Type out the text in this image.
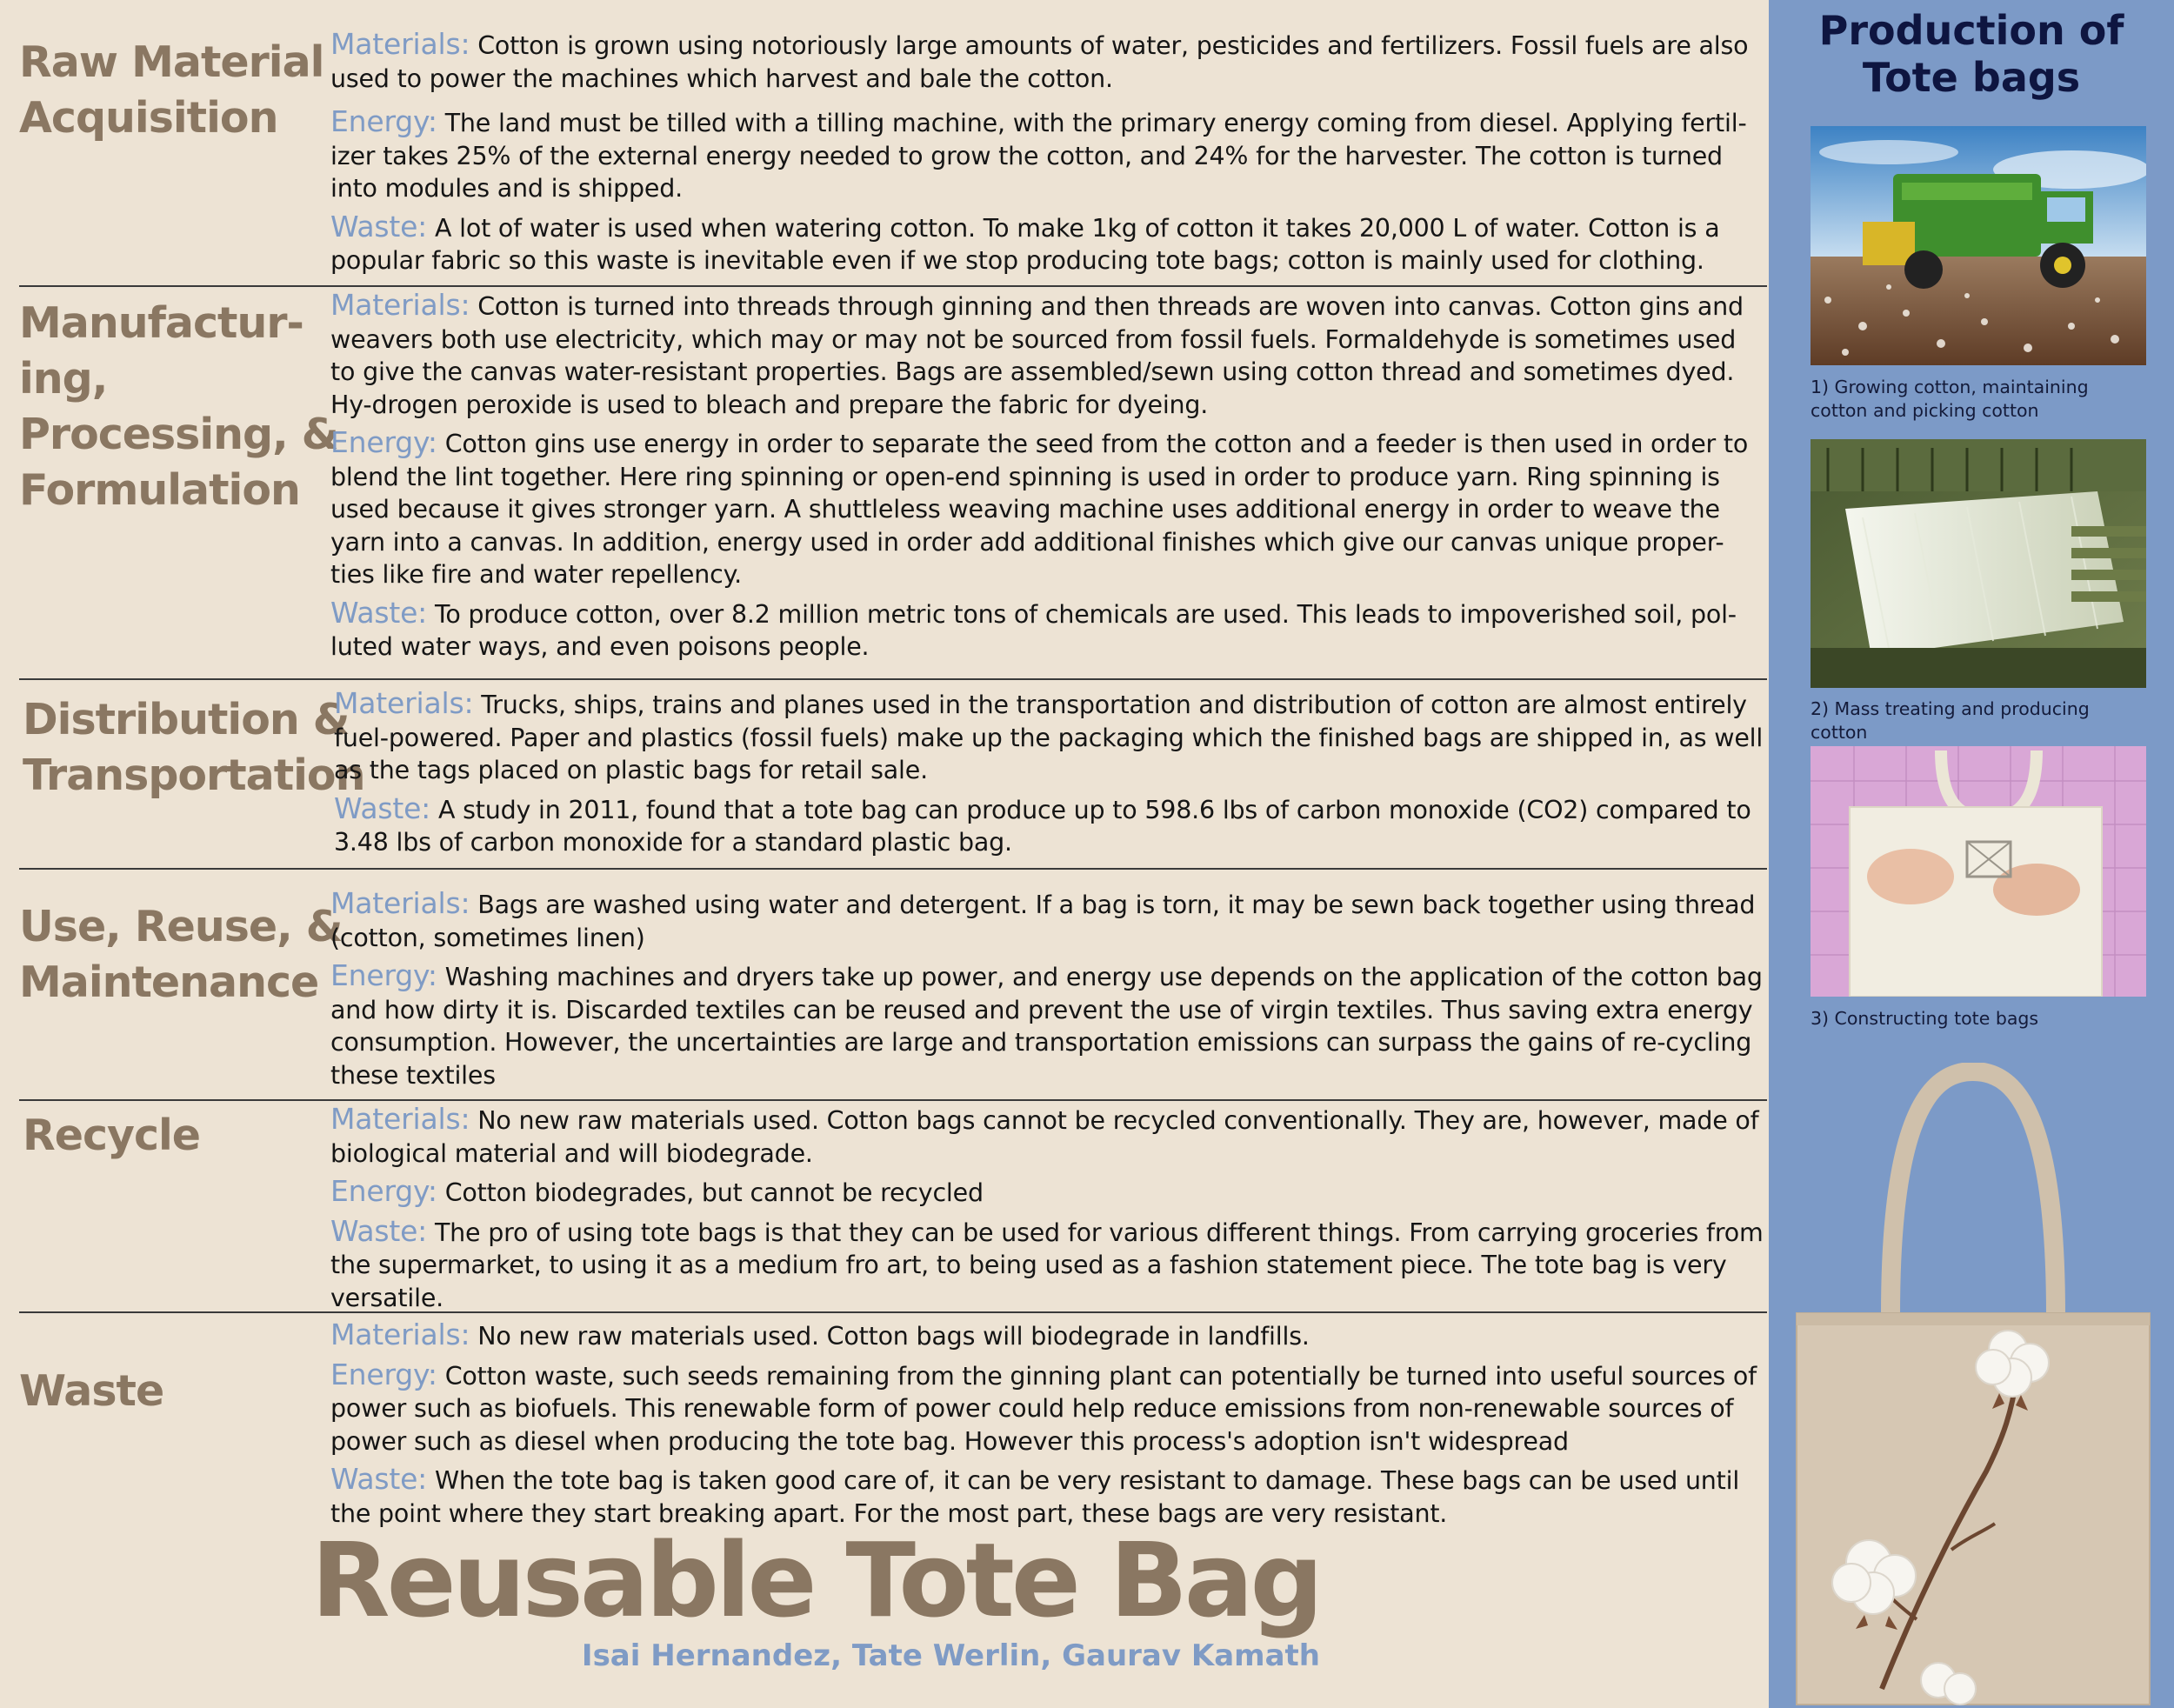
Raw Material
Acquisition

Materials: Cotton is grown using notoriously large amounts of water, pesticides and fertilizers. Fossil fuels are also used to power the machines which harvest and bale the cotton.

Energy: The land must be tilled with a tilling machine, with the primary energy coming from diesel. Applying fertil-izer takes 25% of the external energy needed to grow the cotton, and 24% for the harvester. The cotton is turned into modules and is shipped.

Waste: A lot of water is used when watering cotton. To make 1kg of cotton it takes 20,000 L of water. Cotton is a popular fabric so this waste is inevitable even if we stop producing tote bags; cotton is mainly used for clothing.

Manufactur-
ing,
Processing, &
Formulation

Materials: Cotton is turned into threads through ginning and then threads are woven into canvas. Cotton gins and weavers both use electricity, which may or may not be sourced from fossil fuels. Formaldehyde is sometimes used to give the canvas water-resistant properties. Bags are assembled/sewn using cotton thread and sometimes dyed. Hy-drogen peroxide is used to bleach and prepare the fabric for dyeing.

Energy: Cotton gins use energy in order to separate the seed from the cotton and a feeder is then used in order to blend the lint together. Here ring spinning or open-end spinning is used in order to produce yarn. Ring spinning is used because it gives stronger yarn. A shuttleless weaving machine uses additional energy in order to weave the yarn into a canvas. In addition, energy used in order add additional finishes which give our canvas unique proper-ties like fire and water repellency.

Waste: To produce cotton, over 8.2 million metric tons of chemicals are used. This leads to impoverished soil, pol-luted water ways, and even poisons people.

Distribution &
Transportation

Materials: Trucks, ships, trains and planes used in the transportation and distribution of cotton are almost entirely fuel-powered. Paper and plastics (fossil fuels) make up the packaging which the finished bags are shipped in, as well as the tags placed on plastic bags for retail sale.

Waste: A study in 2011, found that a tote bag can produce up to 598.6 lbs of carbon monoxide (CO2) compared to 3.48 lbs of carbon monoxide for a standard plastic bag.

Use, Reuse, &
Maintenance

Materials: Bags are washed using water and detergent. If a bag is torn, it may be sewn back together using thread (cotton, sometimes linen)

Energy: Washing machines and dryers take up power, and energy use depends on the application of the cotton bag and how dirty it is. Discarded textiles can be reused and prevent the use of virgin textiles. Thus saving extra energy consumption. However, the uncertainties are large and transportation emissions can surpass the gains of re-cycling these textiles

Recycle	Materials: No new raw materials used. Cotton bags cannot be recycled conventionally. They are, however, made of biological material and will biodegrade.

Energy: Cotton biodegrades, but cannot be recycled

Waste: The pro of using tote bags is that they can be used for various different things. From carrying groceries from the supermarket, to using it as a medium fro art, to being used as a fashion statement piece. The tote bag is very versatile.

Waste

Materials: No new raw materials used. Cotton bags will biodegrade in landfills.

Energy: Cotton waste, such seeds remaining from the ginning plant can potentially be turned into useful sources of power such as biofuels. This renewable form of power could help reduce emissions from non-renewable sources of power such as diesel when producing the tote bag. However this process's adoption isn't widespread

Waste: When the tote bag is taken good care of, it can be very resistant to damage. These bags can be used until the point where they start breaking apart. For the most part, these bags are very resistant.

Reusable Tote Bag
Isai Hernandez, Tate Werlin, Gaurav Kamath
Production of
Tote bags
1) Growing cotton, maintaining cotton and picking cotton
2) Mass treating and producing cotton
3) Constructing tote bags
